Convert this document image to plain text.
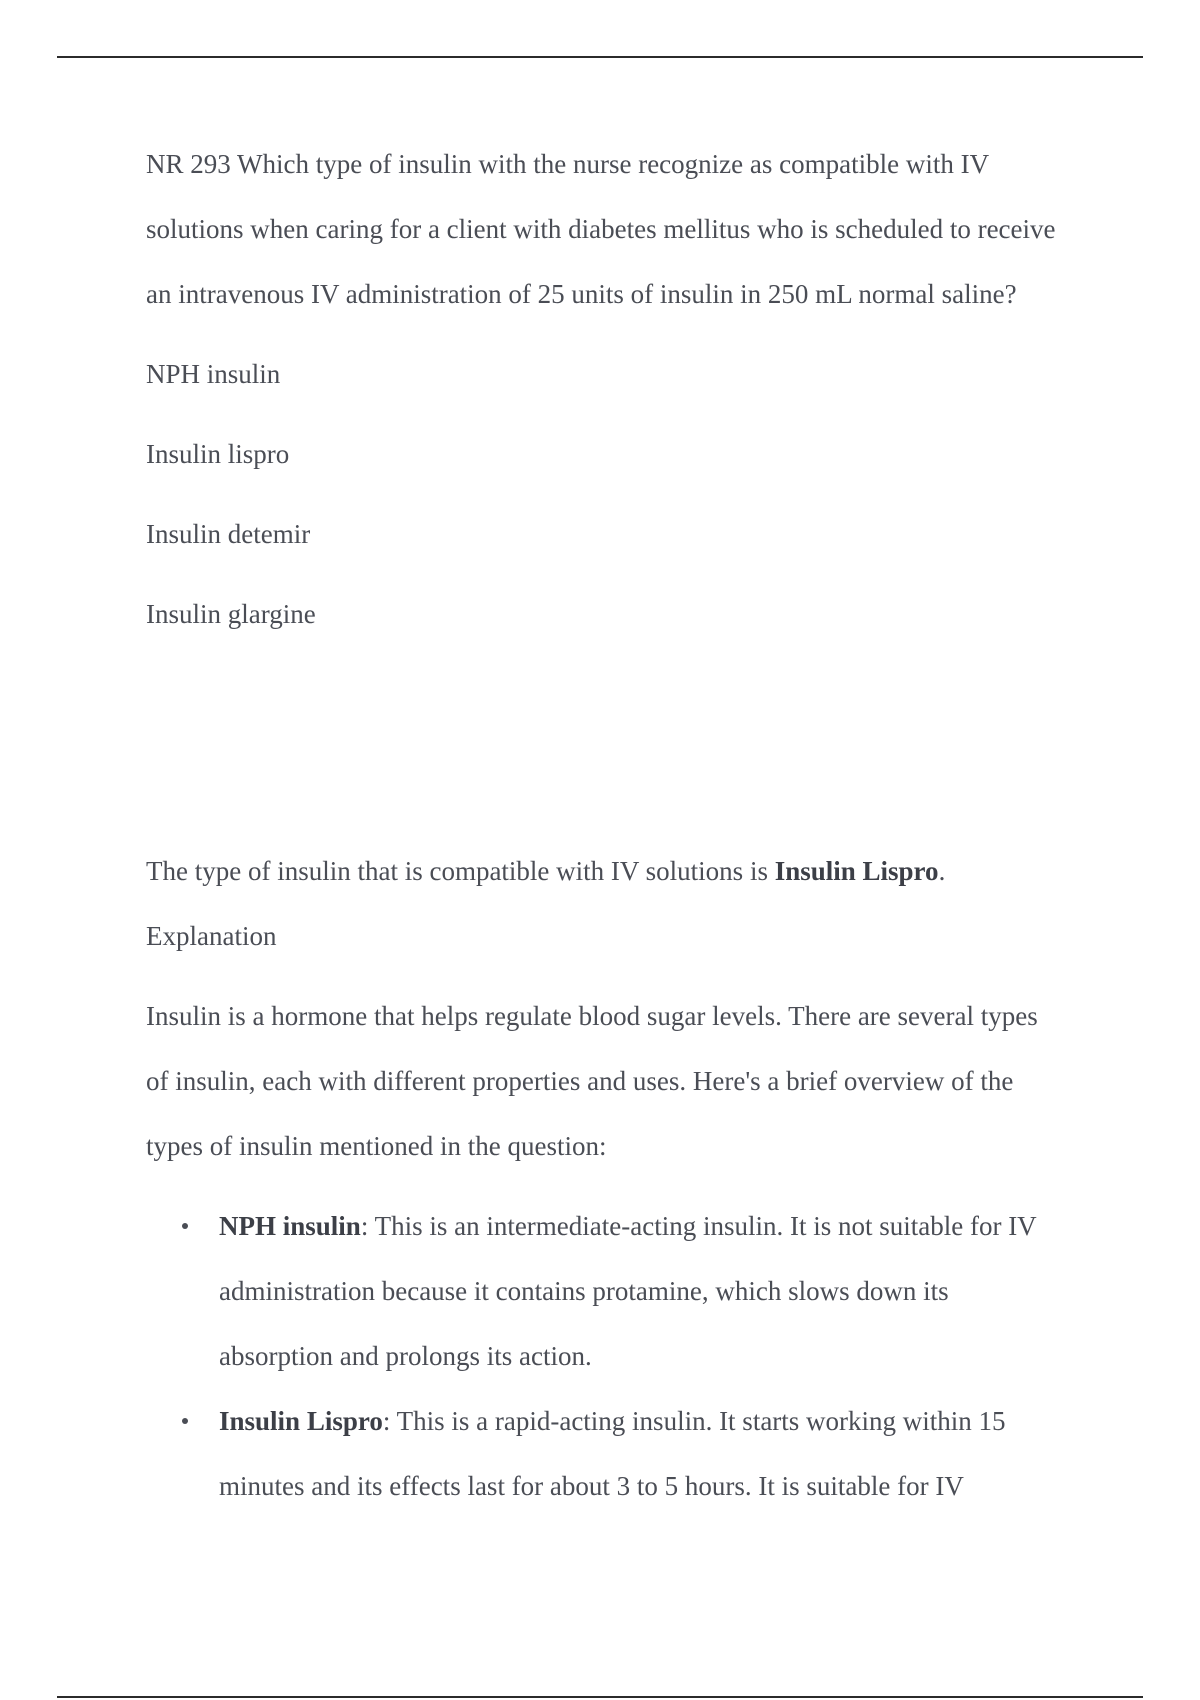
NR 293 Which type of insulin with the nurse recognize as compatible with IV solutions when caring for a client with diabetes mellitus who is scheduled to receive an intravenous IV administration of 25 units of insulin in 250 mL normal saline?

NPH insulin

Insulin lispro

Insulin detemir

Insulin glargine

The type of insulin that is compatible with IV solutions is Insulin Lispro.

Explanation

Insulin is a hormone that helps regulate blood sugar levels. There are several types of insulin, each with different properties and uses. Here's a brief overview of the types of insulin mentioned in the question:

NPH insulin: This is an intermediate-acting insulin. It is not suitable for IV administration because it contains protamine, which slows down its absorption and prolongs its action.
Insulin Lispro: This is a rapid-acting insulin. It starts working within 15 minutes and its effects last for about 3 to 5 hours. It is suitable for IV
